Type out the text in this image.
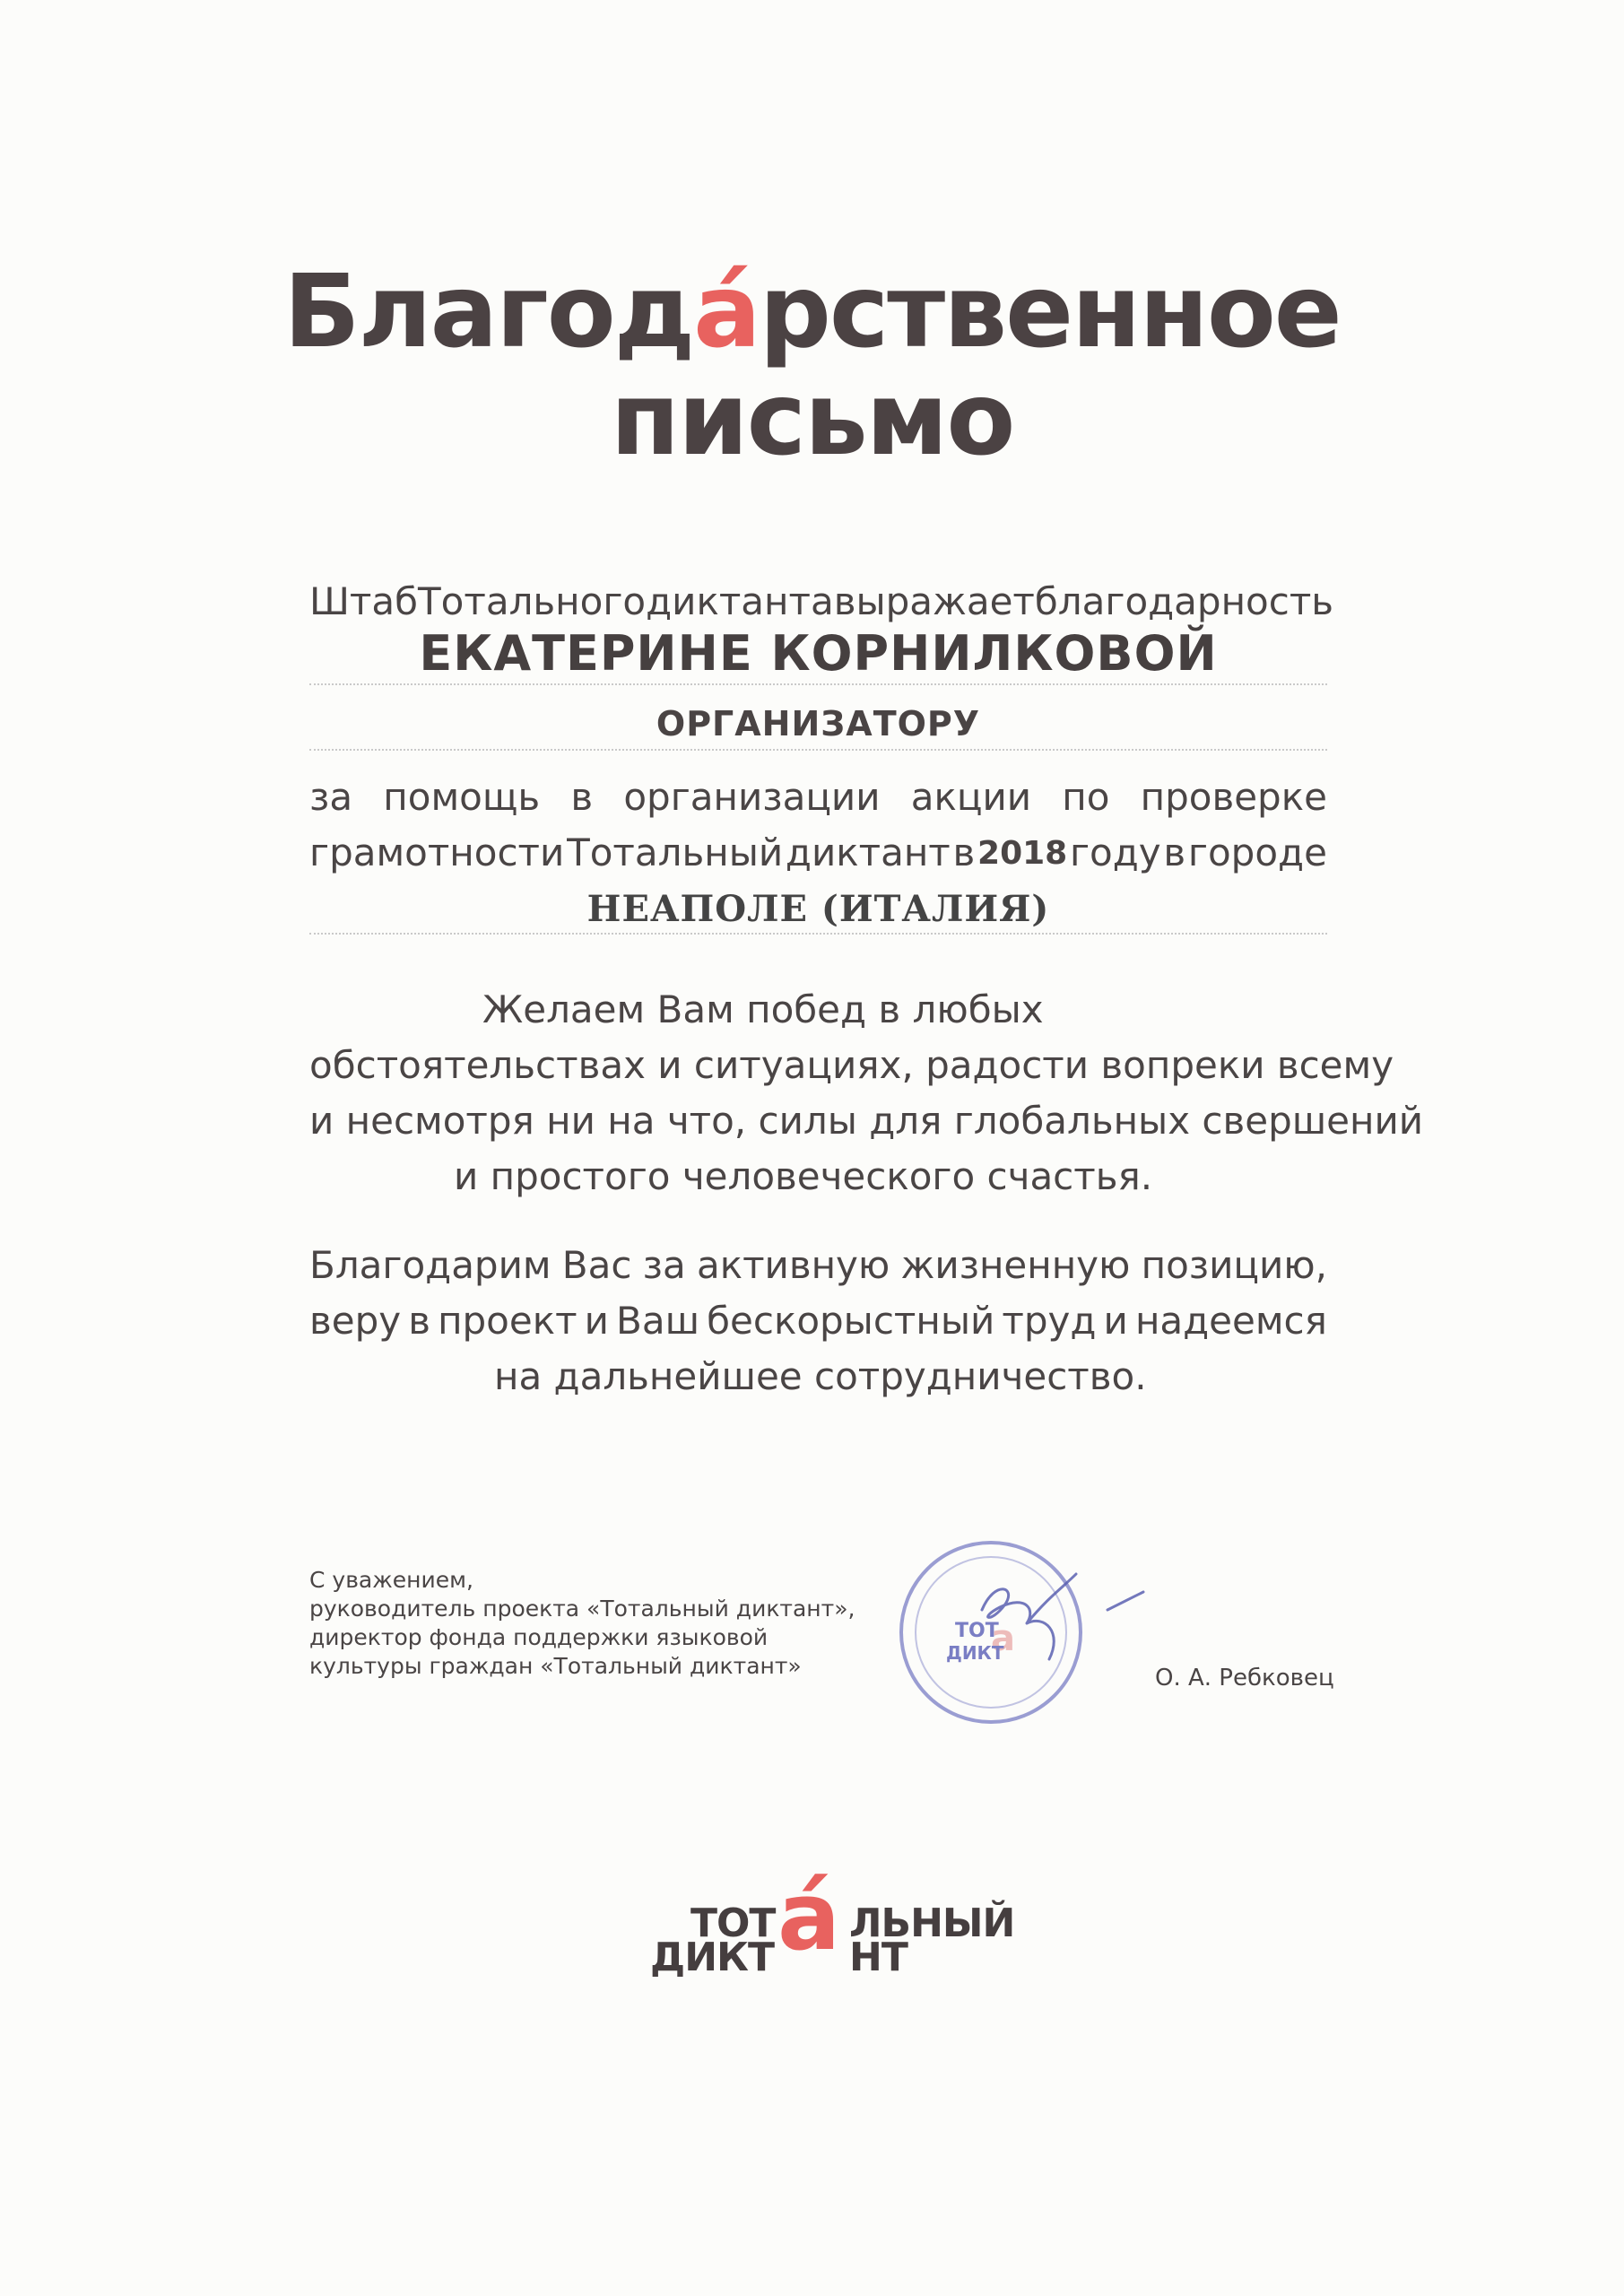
Благода́рственное
письмо
Штаб Тотального диктанта выражает благодарность
ЕКАТЕРИНЕ КОРНИЛКОВОЙ
ОРГАНИЗАТОРУ
за помощь в организации акции по проверке
грамотности Тотальный диктант в 2018 году в городе
НЕАПОЛЕ (ИТАЛИЯ)
Желаем Вам побед в любых
обстоятельствах и ситуациях, радости вопреки всему
и несмотря ни на что, силы для глобальных свершений
и простого человеческого счастья.
Благодарим Вас за активную жизненную позицию,
веру в проект и Ваш бескорыстный труд и надеемся
на дальнейшее сотрудничество.
С уважением,
руководитель проекта «Тотальный диктант»,
директор фонда поддержки языковой
культуры граждан «Тотальный диктант»
ТОТ
а
ДИКТ
О. А. Ребковец
ТОТ ЛЬНЫЙ
ДИКТ НТ
а́
